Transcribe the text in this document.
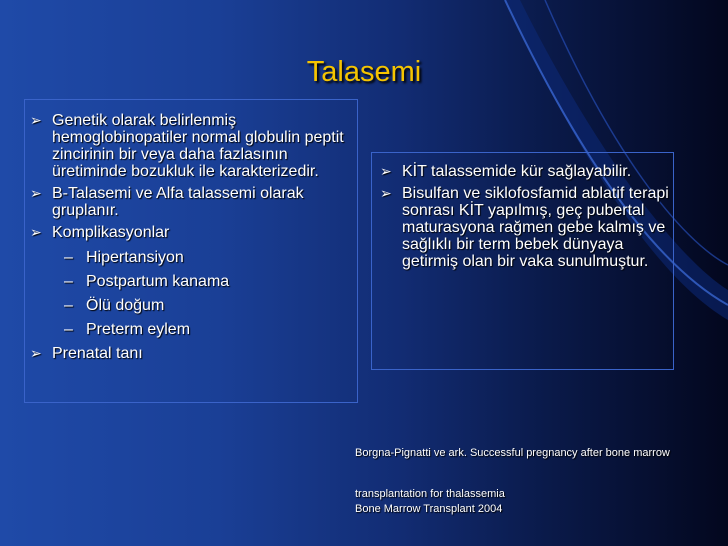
Talasemi
➢ Genetik olarak belirlenmiş hemoglobinopatiler normal globulin peptit zincirinin bir veya daha fazlasının üretiminde bozukluk ile karakterizedir.
➢ B-Talasemi ve Alfa talassemi olarak gruplanır.
➢ Komplikasyonlar
– Hipertansiyon
– Postpartum kanama
– Ölü doğum
– Preterm eylem
➢ Prenatal tanı
➢ KİT talassemide kür sağlayabilir.
➢ Bisulfan ve siklofosfamid ablatif terapi sonrası KİT yapılmış, geç pubertal maturasyona rağmen gebe kalmış ve sağlıklı bir term bebek dünyaya getirmiş olan bir vaka sunulmuştur.
Borgna-Pignatti ve ark. Successful pregnancy after bone marrow
transplantation for thalassemia
Bone Marrow Transplant 2004
